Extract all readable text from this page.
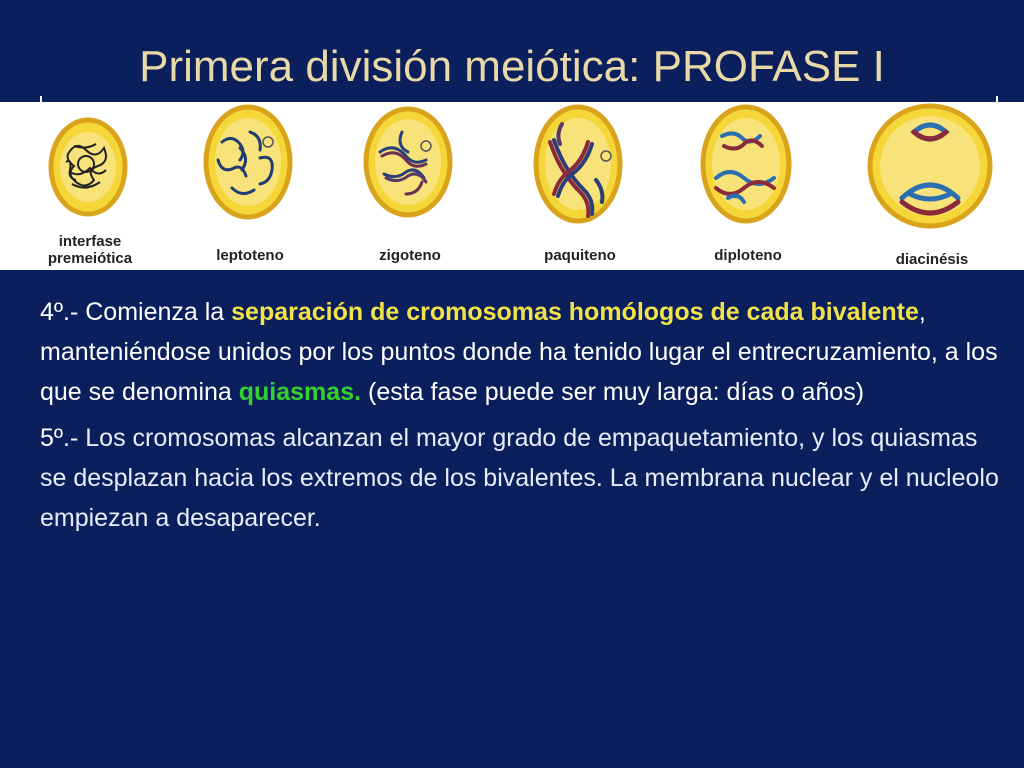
Primera división meiótica: PROFASE I
interfase
premeiótica	leptoteno	zigoteno	paquiteno	diploteno	diacinésis

4º.- Comienza la separación de cromosomas homólogos de cada bivalente, manteniéndose unidos por los puntos donde ha tenido lugar el entrecruzamiento, a los que se denomina quiasmas. (esta fase puede ser muy larga: días o años)

5º.- Los cromosomas alcanzan el mayor grado de empaquetamiento, y los quiasmas se desplazan hacia los extremos de los bivalentes. La membrana nuclear y el nucleolo empiezan a desaparecer.
